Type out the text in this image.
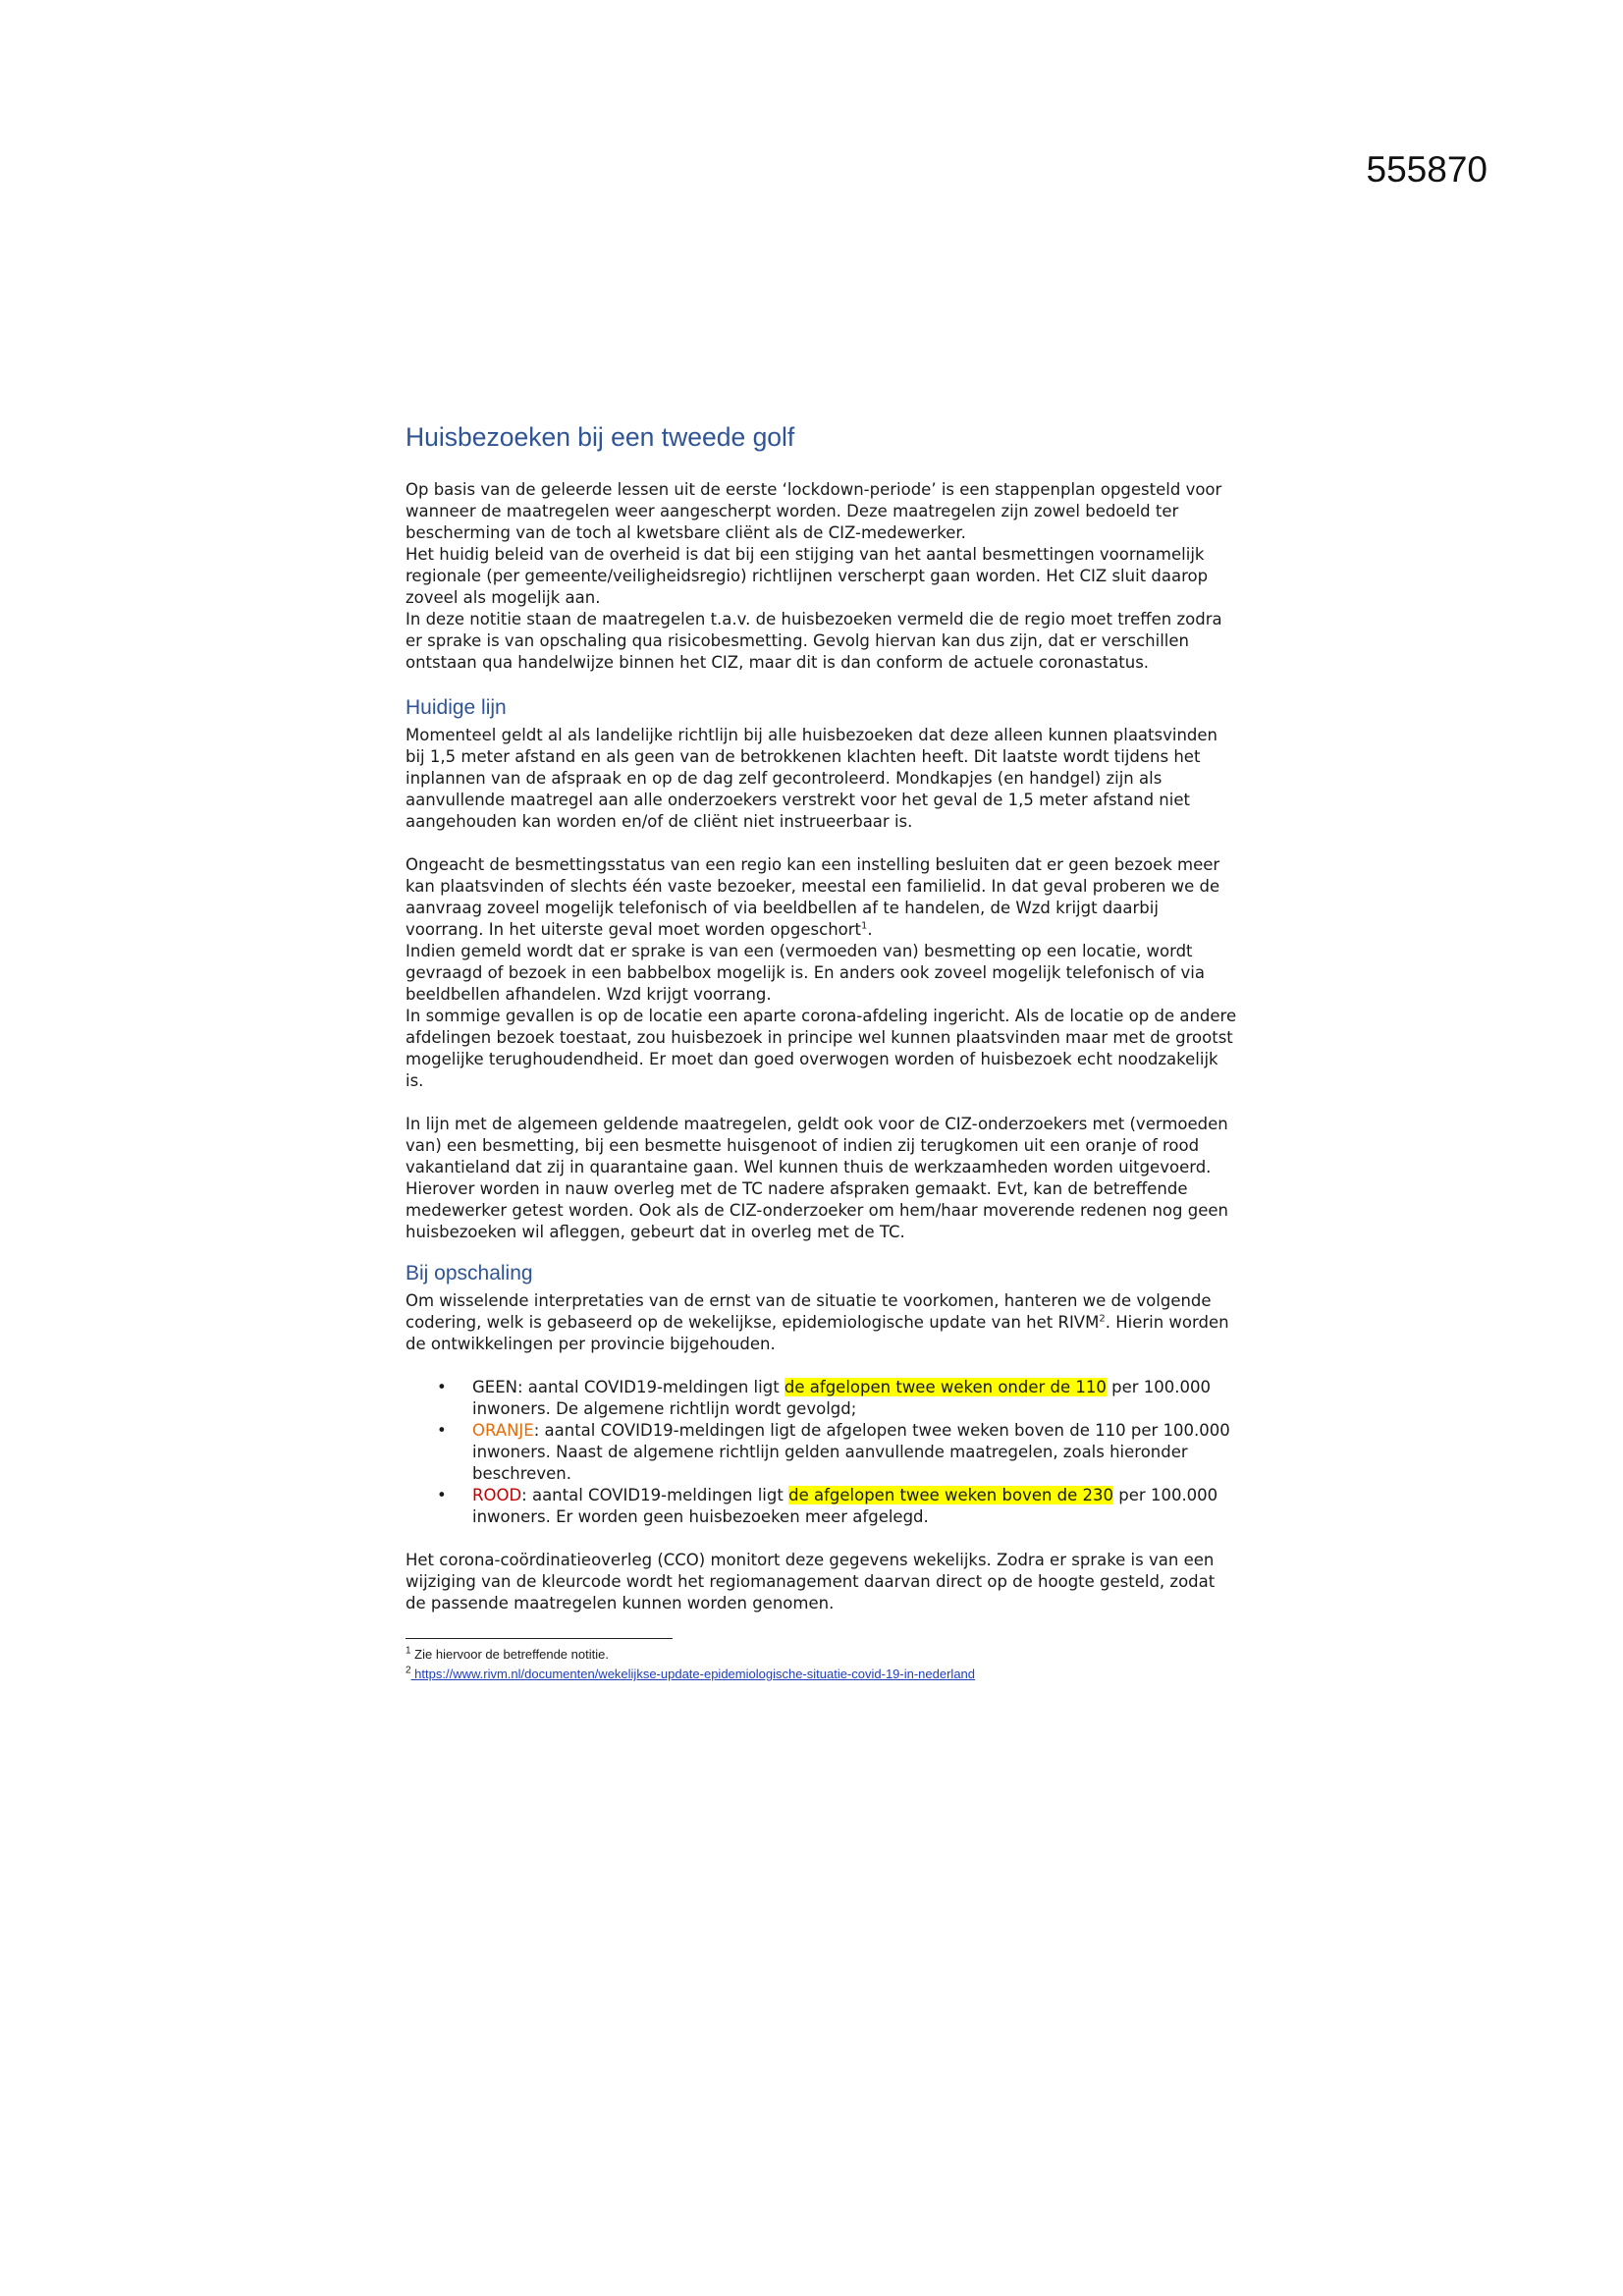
555870
Huisbezoeken bij een tweede golf

Op basis van de geleerde lessen uit de eerste ‘lockdown-periode’ is een stappenplan opgesteld voor wanneer de maatregelen weer aangescherpt worden. Deze maatregelen zijn zowel bedoeld ter bescherming van de toch al kwetsbare cliënt als de CIZ-medewerker.

Het huidig beleid van de overheid is dat bij een stijging van het aantal besmettingen voornamelijk regionale (per gemeente/veiligheidsregio) richtlijnen verscherpt gaan worden. Het CIZ sluit daarop zoveel als mogelijk aan.

In deze notitie staan de maatregelen t.a.v. de huisbezoeken vermeld die de regio moet treffen zodra er sprake is van opschaling qua risicobesmetting. Gevolg hiervan kan dus zijn, dat er verschillen ontstaan qua handelwijze binnen het CIZ, maar dit is dan conform de actuele coronastatus.

Huidige lijn

Momenteel geldt al als landelijke richtlijn bij alle huisbezoeken dat deze alleen kunnen plaatsvinden bij 1,5 meter afstand en als geen van de betrokkenen klachten heeft. Dit laatste wordt tijdens het inplannen van de afspraak en op de dag zelf gecontroleerd. Mondkapjes (en handgel) zijn als aanvullende maatregel aan alle onderzoekers verstrekt voor het geval de 1,5 meter afstand niet aangehouden kan worden en/of de cliënt niet instrueerbaar is.

Ongeacht de besmettingsstatus van een regio kan een instelling besluiten dat er geen bezoek meer kan plaatsvinden of slechts één vaste bezoeker, meestal een familielid. In dat geval proberen we de aanvraag zoveel mogelijk telefonisch of via beeldbellen af te handelen, de Wzd krijgt daarbij voorrang. In het uiterste geval moet worden opgeschort$^1$.

Indien gemeld wordt dat er sprake is van een (vermoeden van) besmetting op een locatie, wordt gevraagd of bezoek in een babbelbox mogelijk is. En anders ook zoveel mogelijk telefonisch of via beeldbellen afhandelen. Wzd krijgt voorrang.

In sommige gevallen is op de locatie een aparte corona-afdeling ingericht. Als de locatie op de andere afdelingen bezoek toestaat, zou huisbezoek in principe wel kunnen plaatsvinden maar met de grootst mogelijke terughoudendheid. Er moet dan goed overwogen worden of huisbezoek echt noodzakelijk is.

In lijn met de algemeen geldende maatregelen, geldt ook voor de CIZ-onderzoekers met (vermoeden van) een besmetting, bij een besmette huisgenoot of indien zij terugkomen uit een oranje of rood vakantieland dat zij in quarantaine gaan. Wel kunnen thuis de werkzaamheden worden uitgevoerd. Hierover worden in nauw overleg met de TC nadere afspraken gemaakt. Evt, kan de betreffende medewerker getest worden. Ook als de CIZ-onderzoeker om hem/haar moverende redenen nog geen huisbezoeken wil afleggen, gebeurt dat in overleg met de TC.

Bij opschaling

Om wisselende interpretaties van de ernst van de situatie te voorkomen, hanteren we de volgende codering, welk is gebaseerd op de wekelijkse, epidemiologische update van het RIVM$^2$. Hierin worden de ontwikkelingen per provincie bijgehouden.

• GEEN: aantal COVID19-meldingen ligt de afgelopen twee weken onder de 110 per 100.000 inwoners. De algemene richtlijn wordt gevolgd;
• ORANJE: aantal COVID19-meldingen ligt de afgelopen twee weken boven de 110 per 100.000 inwoners. Naast de algemene richtlijn gelden aanvullende maatregelen, zoals hieronder beschreven.
• ROOD: aantal COVID19-meldingen ligt de afgelopen twee weken boven de 230 per 100.000 inwoners. Er worden geen huisbezoeken meer afgelegd.

Het corona-coördinatieoverleg (CCO) monitort deze gegevens wekelijks. Zodra er sprake is van een wijziging van de kleurcode wordt het regiomanagement daarvan direct op de hoogte gesteld, zodat de passende maatregelen kunnen worden genomen.

$^1$ Zie hiervoor de betreffende notitie.
$^2$ https://www.rivm.nl/documenten/wekelijkse-update-epidemiologische-situatie-covid-19-in-nederland
